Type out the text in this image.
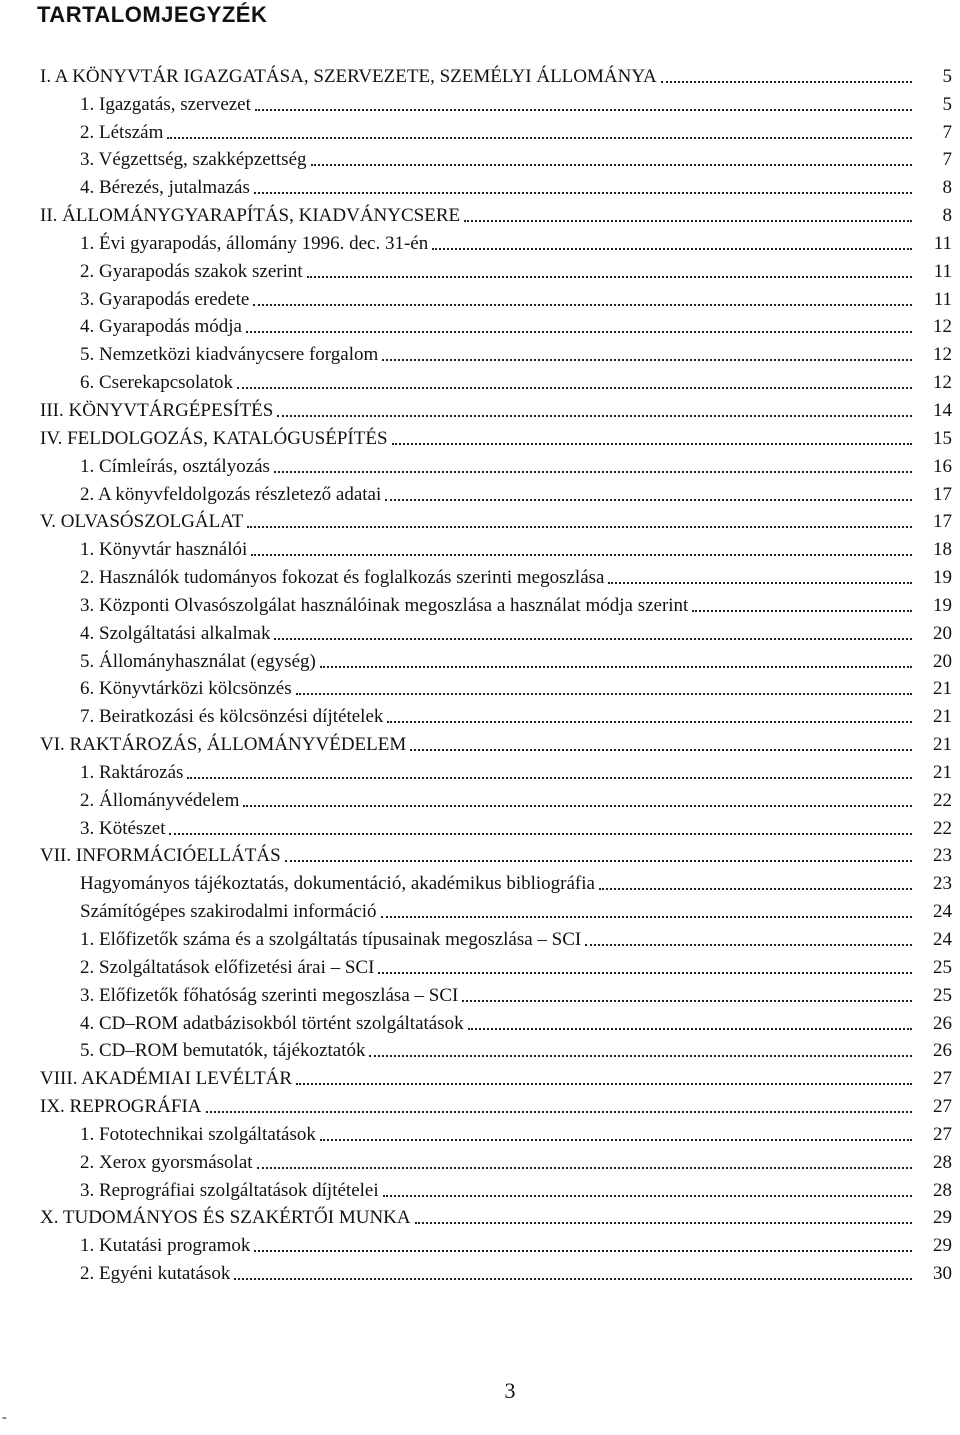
TARTALOMJEGYZÉK
I. A KÖNYVTÁR IGAZGATÁSA, SZERVEZETE, SZEMÉLYI ÁLLOMÁNYA	5
1. Igazgatás, szervezet	5
2. Létszám	7
3. Végzettség, szakképzettség	7
4. Bérezés, jutalmazás	8
II. ÁLLOMÁNYGYARAPÍTÁS, KIADVÁNYCSERE	8
1. Évi gyarapodás, állomány 1996. dec. 31-én	11
2. Gyarapodás szakok szerint	11
3. Gyarapodás eredete	11
4. Gyarapodás módja	12
5. Nemzetközi kiadványcsere forgalom	12
6. Cserekapcsolatok	12
III. KÖNYVTÁRGÉPESÍTÉS	14
IV. FELDOLGOZÁS, KATALÓGUSÉPÍTÉS	15
1. Címleírás, osztályozás	16
2. A könyvfeldolgozás részletező adatai	17
V. OLVASÓSZOLGÁLAT	17
1. Könyvtár használói	18
2. Használók tudományos fokozat és foglalkozás szerinti megoszlása	19
3. Központi Olvasószolgálat használóinak megoszlása a használat módja szerint	19
4. Szolgáltatási alkalmak	20
5. Állományhasználat (egység)	20
6. Könyvtárközi kölcsönzés	21
7. Beiratkozási és kölcsönzési díjtételek	21
VI. RAKTÁROZÁS, ÁLLOMÁNYVÉDELEM	21
1. Raktározás	21
2. Állományvédelem	22
3. Kötészet	22
VII. INFORMÁCIÓELLÁTÁS	23
Hagyományos tájékoztatás, dokumentáció, akadémikus bibliográfia	23
Számítógépes szakirodalmi információ	24
1. Előfizetők száma és a szolgáltatás típusainak megoszlása – SCI	24
2. Szolgáltatások előfizetési árai – SCI	25
3. Előfizetők főhatóság szerinti megoszlása – SCI	25
4. CD–ROM adatbázisokból történt szolgáltatások	26
5. CD–ROM bemutatók, tájékoztatók	26
VIII. AKADÉMIAI LEVÉLTÁR	27
IX. REPROGRÁFIA	27
1. Fototechnikai szolgáltatások	27
2. Xerox gyorsmásolat	28
3. Reprográfiai szolgáltatások díjtételei	28
X. TUDOMÁNYOS ÉS SZAKÉRTŐI MUNKA	29
1. Kutatási programok	29
2. Egyéni kutatások	30
3
-
